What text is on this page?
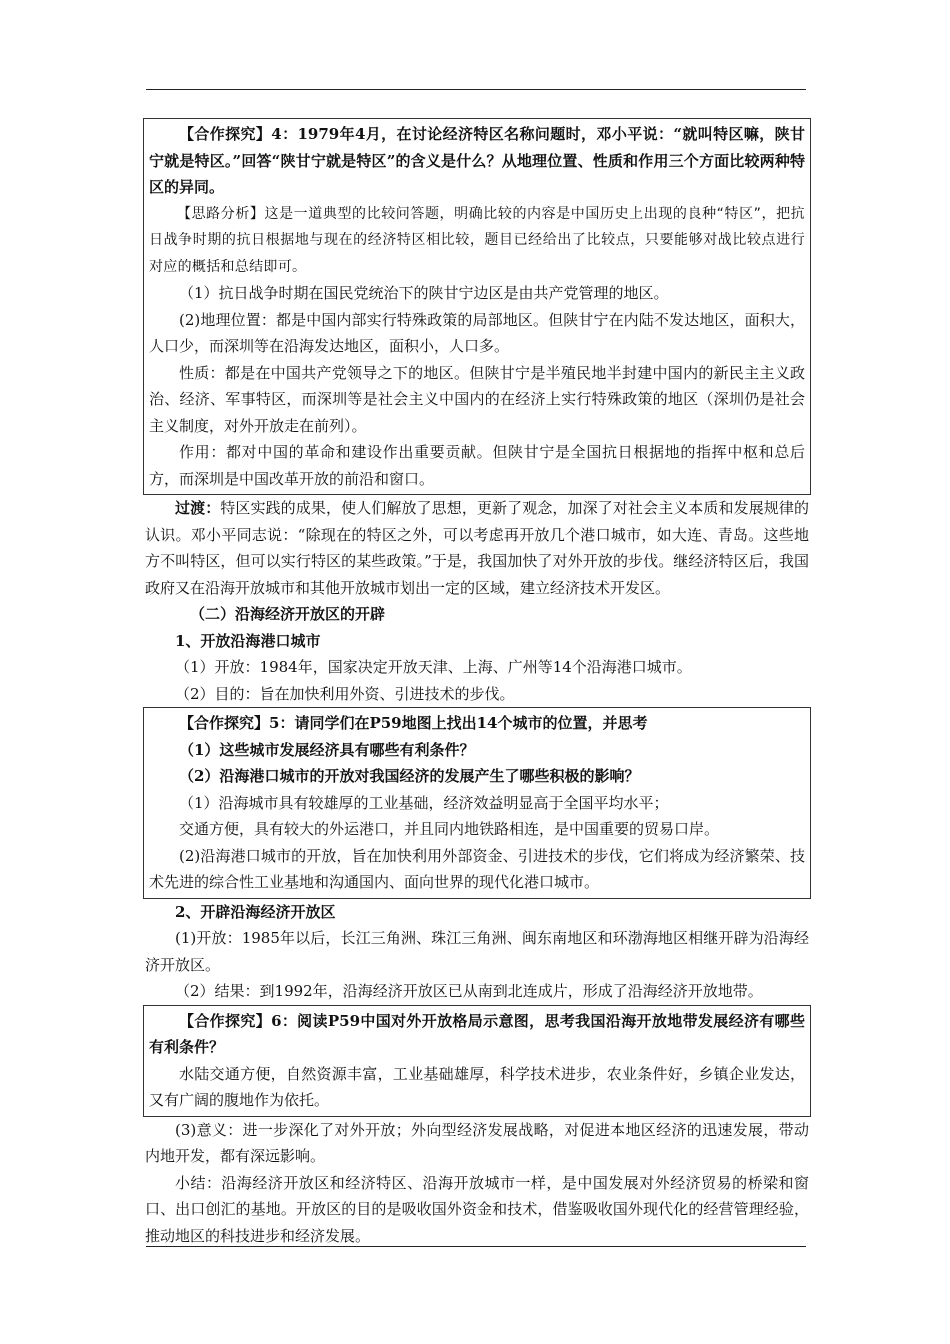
【合作探究】4：1979年4月，在讨论经济特区名称问题时，邓小平说：“就叫特区嘛，陕甘宁就是特区。”回答“陕甘宁就是特区”的含义是什么？从地理位置、性质和作用三个方面比较两种特区的异同。

【思路分析】这是一道典型的比较问答题，明确比较的内容是中国历史上出现的良种“特区”，把抗日战争时期的抗日根据地与现在的经济特区相比较，题目已经给出了比较点，只要能够对战比较点进行对应的概括和总结即可。

（1）抗日战争时期在国民党统治下的陕甘宁边区是由共产党管理的地区。

(2)地理位置：都是中国内部实行特殊政策的局部地区。但陕甘宁在内陆不发达地区，面积大， 人口少，而深圳等在沿海发达地区，面积小，人口多。

性质：都是在中国共产党领导之下的地区。但陕甘宁是半殖民地半封建中国内的新民主主义政治、经济、军事特区，而深圳等是社会主义中国内的在经济上实行特殊政策的地区（深圳仍是社会主义制度，对外开放走在前列）。

作用：都对中国的革命和建设作出重要贡献。但陕甘宁是全国抗日根据地的指挥中枢和总后方，而深圳是中国改革开放的前沿和窗口。

过渡：特区实践的成果，使人们解放了思想，更新了观念，加深了对社会主义本质和发展规律的认识。邓小平同志说：“除现在的特区之外，可以考虑再开放几个港口城市，如大连、青岛。这些地方不叫特区，但可以实行特区的某些政策。”于是，我国加快了对外开放的步伐。继经济特区后，我国政府又在沿海开放城市和其他开放城市划出一定的区域，建立经济技术开发区。

（二）沿海经济开放区的开辟

1、开放沿海港口城市

（1）开放：1984年，国家决定开放天津、上海、广州等14个沿海港口城市。

（2）目的：旨在加快利用外资、引进技术的步伐。

【合作探究】5：请同学们在P59地图上找出14个城市的位置，并思考

（1）这些城市发展经济具有哪些有利条件？

（2）沿海港口城市的开放对我国经济的发展产生了哪些积极的影响？

（1）沿海城市具有较雄厚的工业基础，经济效益明显高于全国平均水平；

交通方便，具有较大的外运港口，并且同内地铁路相连，是中国重要的贸易口岸。

(2)沿海港口城市的开放，旨在加快利用外部资金、引进技术的步伐，它们将成为经济繁荣、技术先进的综合性工业基地和沟通国内、面向世界的现代化港口城市。

2、开辟沿海经济开放区

(1)开放：1985年以后，长江三角洲、珠江三角洲、闽东南地区和环渤海地区相继开辟为沿海经济开放区。

（2）结果：到1992年，沿海经济开放区已从南到北连成片，形成了沿海经济开放地带。

【合作探究】6：阅读P59中国对外开放格局示意图，思考我国沿海开放地带发展经济有哪些有利条件？

水陆交通方便，自然资源丰富，工业基础雄厚，科学技术进步，农业条件好，乡镇企业发达，又有广阔的腹地作为依托。

(3)意义：进一步深化了对外开放；外向型经济发展战略，对促进本地区经济的迅速发展，带动内地开发，都有深远影响。

小结：沿海经济开放区和经济特区、沿海开放城市一样，是中国发展对外经济贸易的桥梁和窗口、出口创汇的基地。开放区的目的是吸收国外资金和技术，借鉴吸收国外现代化的经营管理经验，推动地区的科技进步和经济发展。
